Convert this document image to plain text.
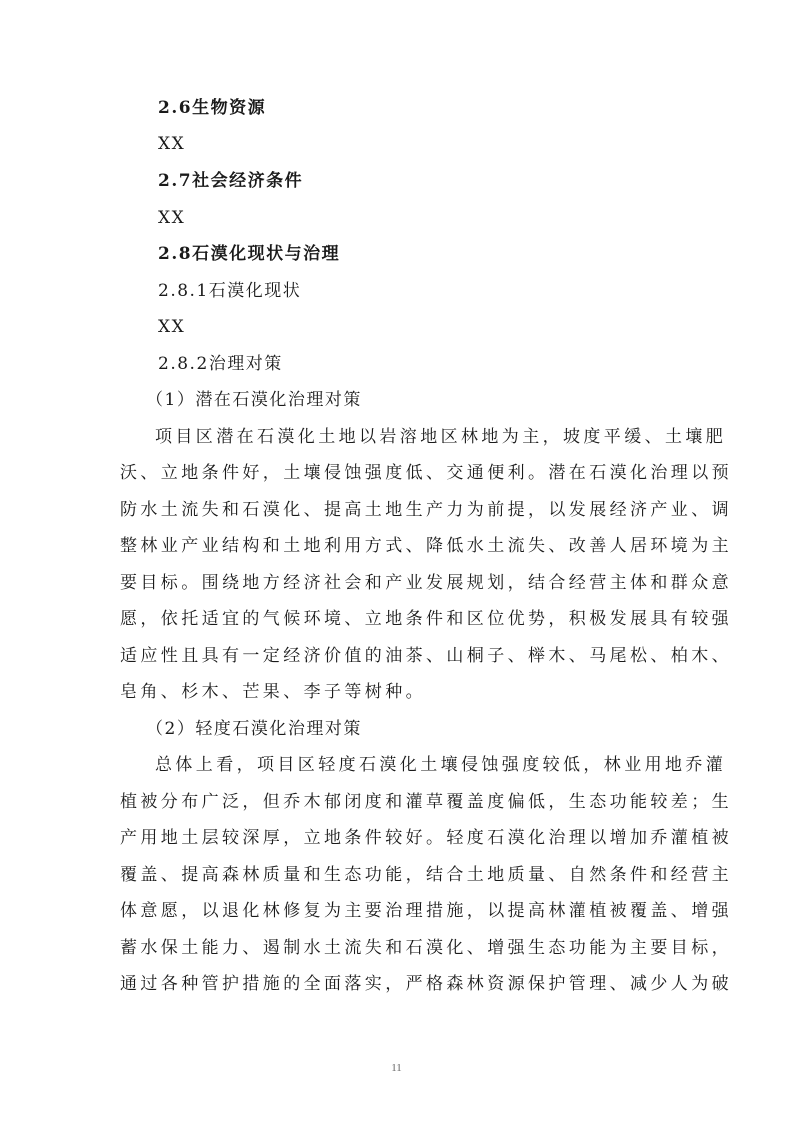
2.6生物资源
XX
2.7社会经济条件
XX
2.8石漠化现状与治理
2.8.1石漠化现状
XX
2.8.2治理对策
（1）潜在石漠化治理对策
项目区潜在石漠化土地以岩溶地区林地为主，坡度平缓、土壤肥
沃、立地条件好，土壤侵蚀强度低、交通便利。潜在石漠化治理以预
防水土流失和石漠化、提高土地生产力为前提，以发展经济产业、调
整林业产业结构和土地利用方式、降低水土流失、改善人居环境为主
要目标。围绕地方经济社会和产业发展规划，结合经营主体和群众意
愿，依托适宜的气候环境、立地条件和区位优势，积极发展具有较强
适应性且具有一定经济价值的油茶、山桐子、榉木、马尾松、柏木、
皂角、杉木、芒果、李子等树种。
（2）轻度石漠化治理对策
总体上看，项目区轻度石漠化土壤侵蚀强度较低，林业用地乔灌
植被分布广泛，但乔木郁闭度和灌草覆盖度偏低，生态功能较差；生
产用地土层较深厚，立地条件较好。轻度石漠化治理以增加乔灌植被
覆盖、提高森林质量和生态功能，结合土地质量、自然条件和经营主
体意愿，以退化林修复为主要治理措施，以提高林灌植被覆盖、增强
蓄水保土能力、遏制水土流失和石漠化、增强生态功能为主要目标，
通过各种管护措施的全面落实，严格森林资源保护管理、减少人为破
11
